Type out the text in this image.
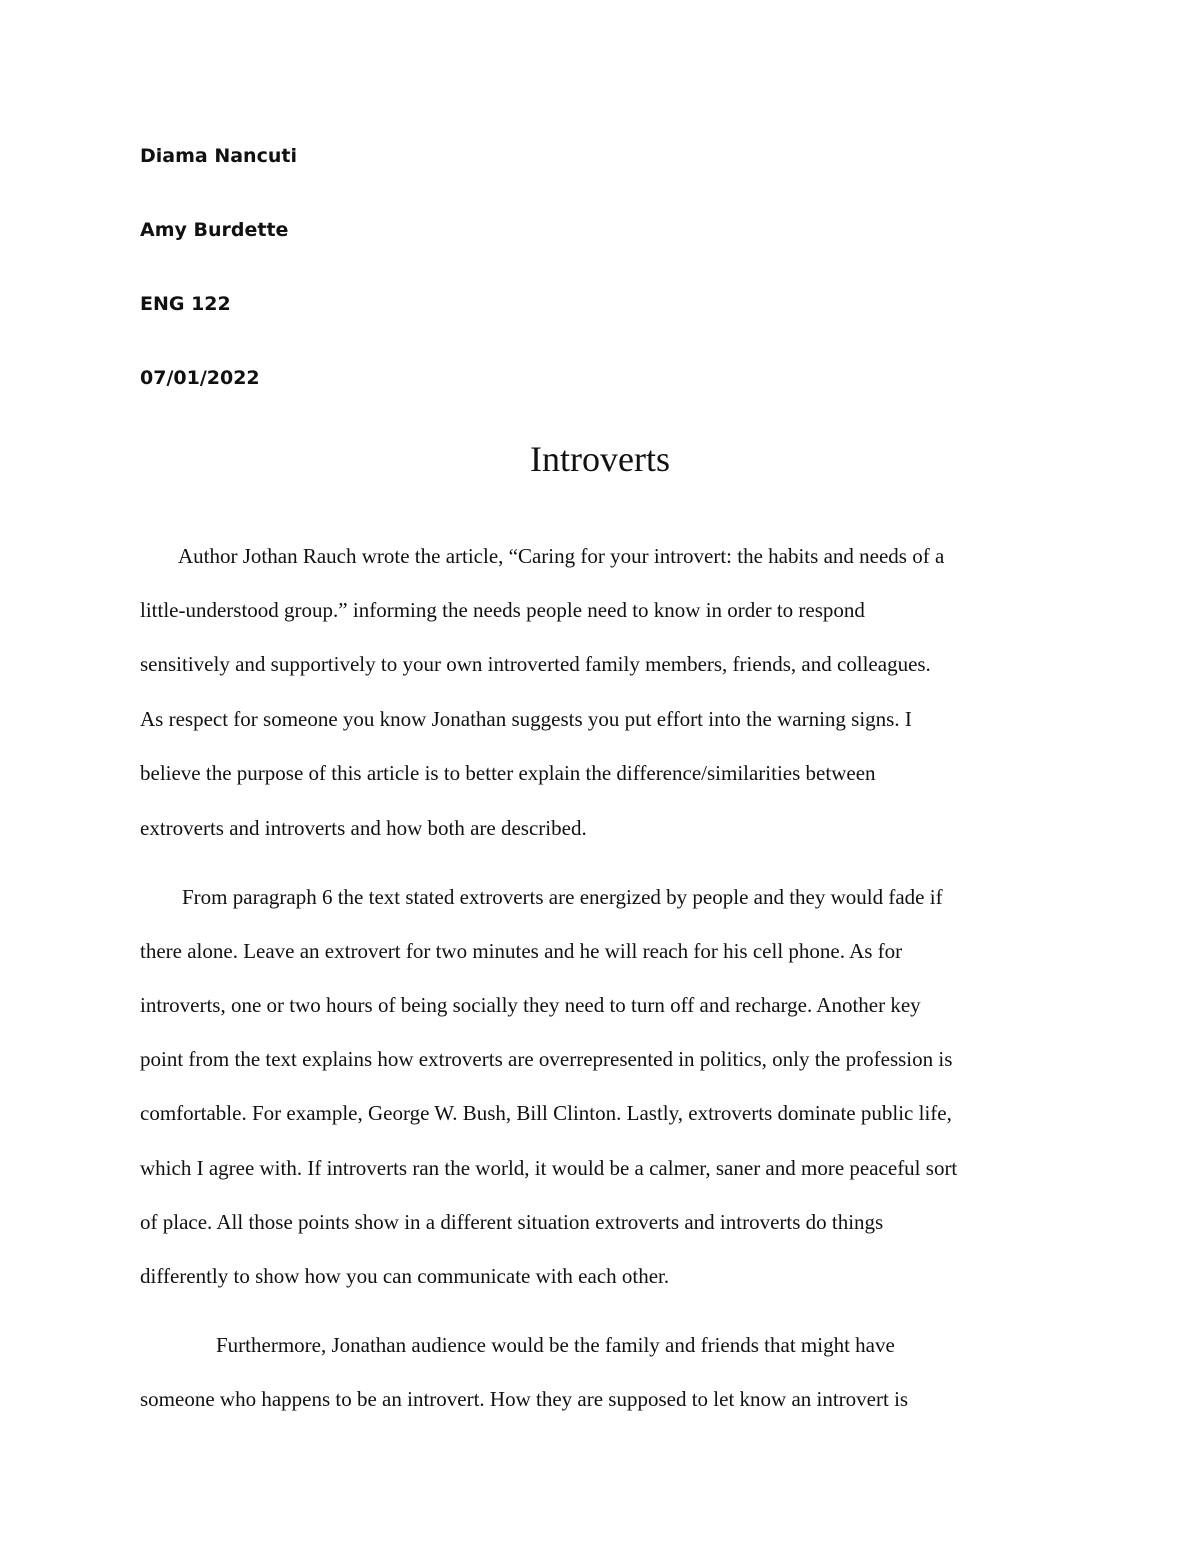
Diama Nancuti
Amy Burdette
ENG 122
07/01/2022
Introverts
Author Jothan Rauch wrote the article, “Caring for your introvert: the habits and needs of a
little-understood group.” informing the needs people need to know in order to respond
sensitively and supportively to your own introverted family members, friends, and colleagues.
As respect for someone you know Jonathan suggests you put effort into the warning signs. I
believe the purpose of this article is to better explain the difference/similarities between
extroverts and introverts and how both are described.
From paragraph 6 the text stated extroverts are energized by people and they would fade if
there alone. Leave an extrovert for two minutes and he will reach for his cell phone. As for
introverts, one or two hours of being socially they need to turn off and recharge. Another key
point from the text explains how extroverts are overrepresented in politics, only the profession is
comfortable. For example, George W. Bush, Bill Clinton. Lastly, extroverts dominate public life,
which I agree with. If introverts ran the world, it would be a calmer, saner and more peaceful sort
of place. All those points show in a different situation extroverts and introverts do things
differently to show how you can communicate with each other.
Furthermore, Jonathan audience would be the family and friends that might have
someone who happens to be an introvert. How they are supposed to let know an introvert is
